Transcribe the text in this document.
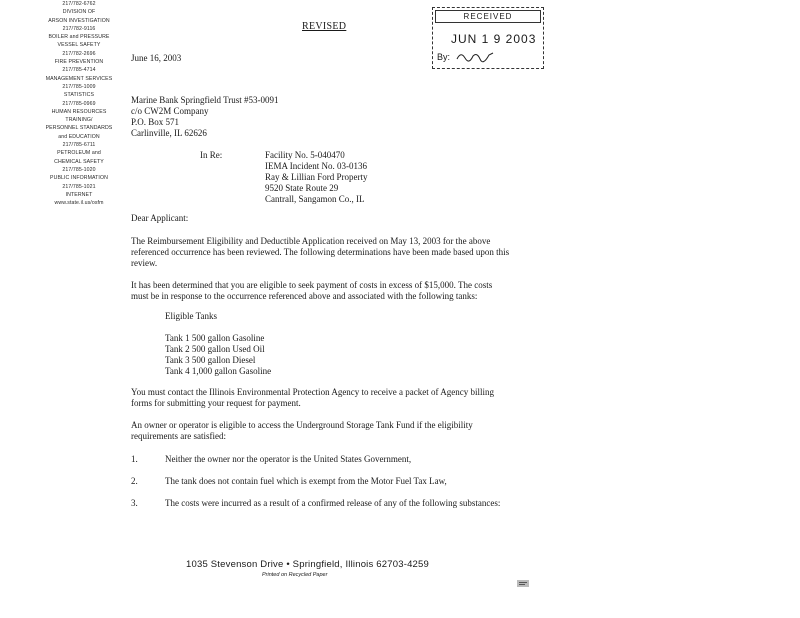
217/782-6762
DIVISION OF
ARSON INVESTIGATION
217/782-9116
BOILER and PRESSURE
VESSEL SAFETY
217/782-2696
FIRE PREVENTION
217/785-4714
MANAGEMENT SERVICES
217/785-1009
STATISTICS
217/785-0969
HUMAN RESOURCES
TRAINING/
PERSONNEL STANDARDS
and EDUCATION
217/785-6711
PETROLEUM and
CHEMICAL SAFETY
217/785-1020
PUBLIC INFORMATION
217/785-1021
INTERNET
www.state.il.us/osfm
REVISED
RECEIVED
JUN 1 9 2003
By:
June 16, 2003
Marine Bank Springfield Trust #53-0091
c/o CW2M Company
P.O. Box 571
Carlinville, IL 62626
In Re:	Facility No. 5-040470
IEMA Incident No. 03-0136
Ray & Lillian Ford Property
9520 State Route 29
Cantrall, Sangamon Co., IL
Dear Applicant:
The Reimbursement Eligibility and Deductible Application received on May 13, 2003 for the above referenced occurrence has been reviewed. The following determinations have been made based upon this review.
It has been determined that you are eligible to seek payment of costs in excess of $15,000. The costs must be in response to the occurrence referenced above and associated with the following tanks:
Eligible Tanks
Tank 1 500 gallon Gasoline
Tank 2 500 gallon Used Oil
Tank 3 500 gallon Diesel
Tank 4 1,000 gallon Gasoline
You must contact the Illinois Environmental Protection Agency to receive a packet of Agency billing forms for submitting your request for payment.
An owner or operator is eligible to access the Underground Storage Tank Fund if the eligibility requirements are satisfied:
1.	Neither the owner nor the operator is the United States Government,
2.	The tank does not contain fuel which is exempt from the Motor Fuel Tax Law,
3.	The costs were incurred as a result of a confirmed release of any of the following substances:
1035 Stevenson Drive • Springfield, Illinois 62703-4259
Printed on Recycled Paper
